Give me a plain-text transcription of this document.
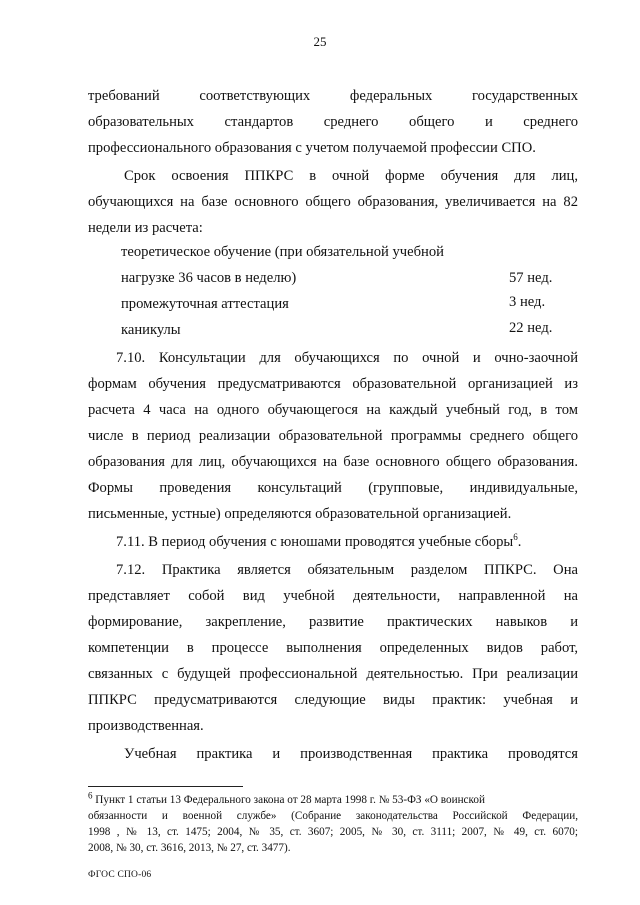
25
требований соответствующих федеральных государственных
образовательных стандартов среднего общего и среднего
профессионального образования с учетом получаемой профессии СПО.
Срок освоения ППКРС в очной форме обучения для лиц,
обучающихся на базе основного общего образования, увеличивается на 82
недели из расчета:
теоретическое обучение (при обязательной учебной
нагрузке 36 часов в неделю)	57 нед.
промежуточная аттестация	3 нед.
каникулы	22 нед.
7.10. Консультации для обучающихся по очной и очно-заочной
формам обучения предусматриваются образовательной организацией из
расчета 4 часа на одного обучающегося на каждый учебный год, в том
числе в период реализации образовательной программы среднего общего
образования для лиц, обучающихся на базе основного общего образования.
Формы проведения консультаций (групповые, индивидуальные,
письменные, устные) определяются образовательной организацией.
7.11. В период обучения с юношами проводятся учебные сборы$^6$.
7.12. Практика является обязательным разделом ППКРС. Она
представляет собой вид учебной деятельности, направленной на
формирование, закрепление, развитие практических навыков и
компетенции в процессе выполнения определенных видов работ,
связанных с будущей профессиональной деятельностью. При реализации
ППКРС предусматриваются следующие виды практик: учебная и
производственная.
Учебная практика и производственная практика проводятся
$^6$ Пункт 1 статьи 13 Федерального закона от 28 марта 1998 г. № 53-ФЗ «О воинской
обязанности и военной службе» (Собрание законодательства Российской Федерации,
1998 , № 13, ст. 1475; 2004, № 35, ст. 3607; 2005, № 30, ст. 3111; 2007, № 49, ст. 6070;
2008, № 30, ст. 3616, 2013, № 27, ст. 3477).
ФГОС СПО-06
